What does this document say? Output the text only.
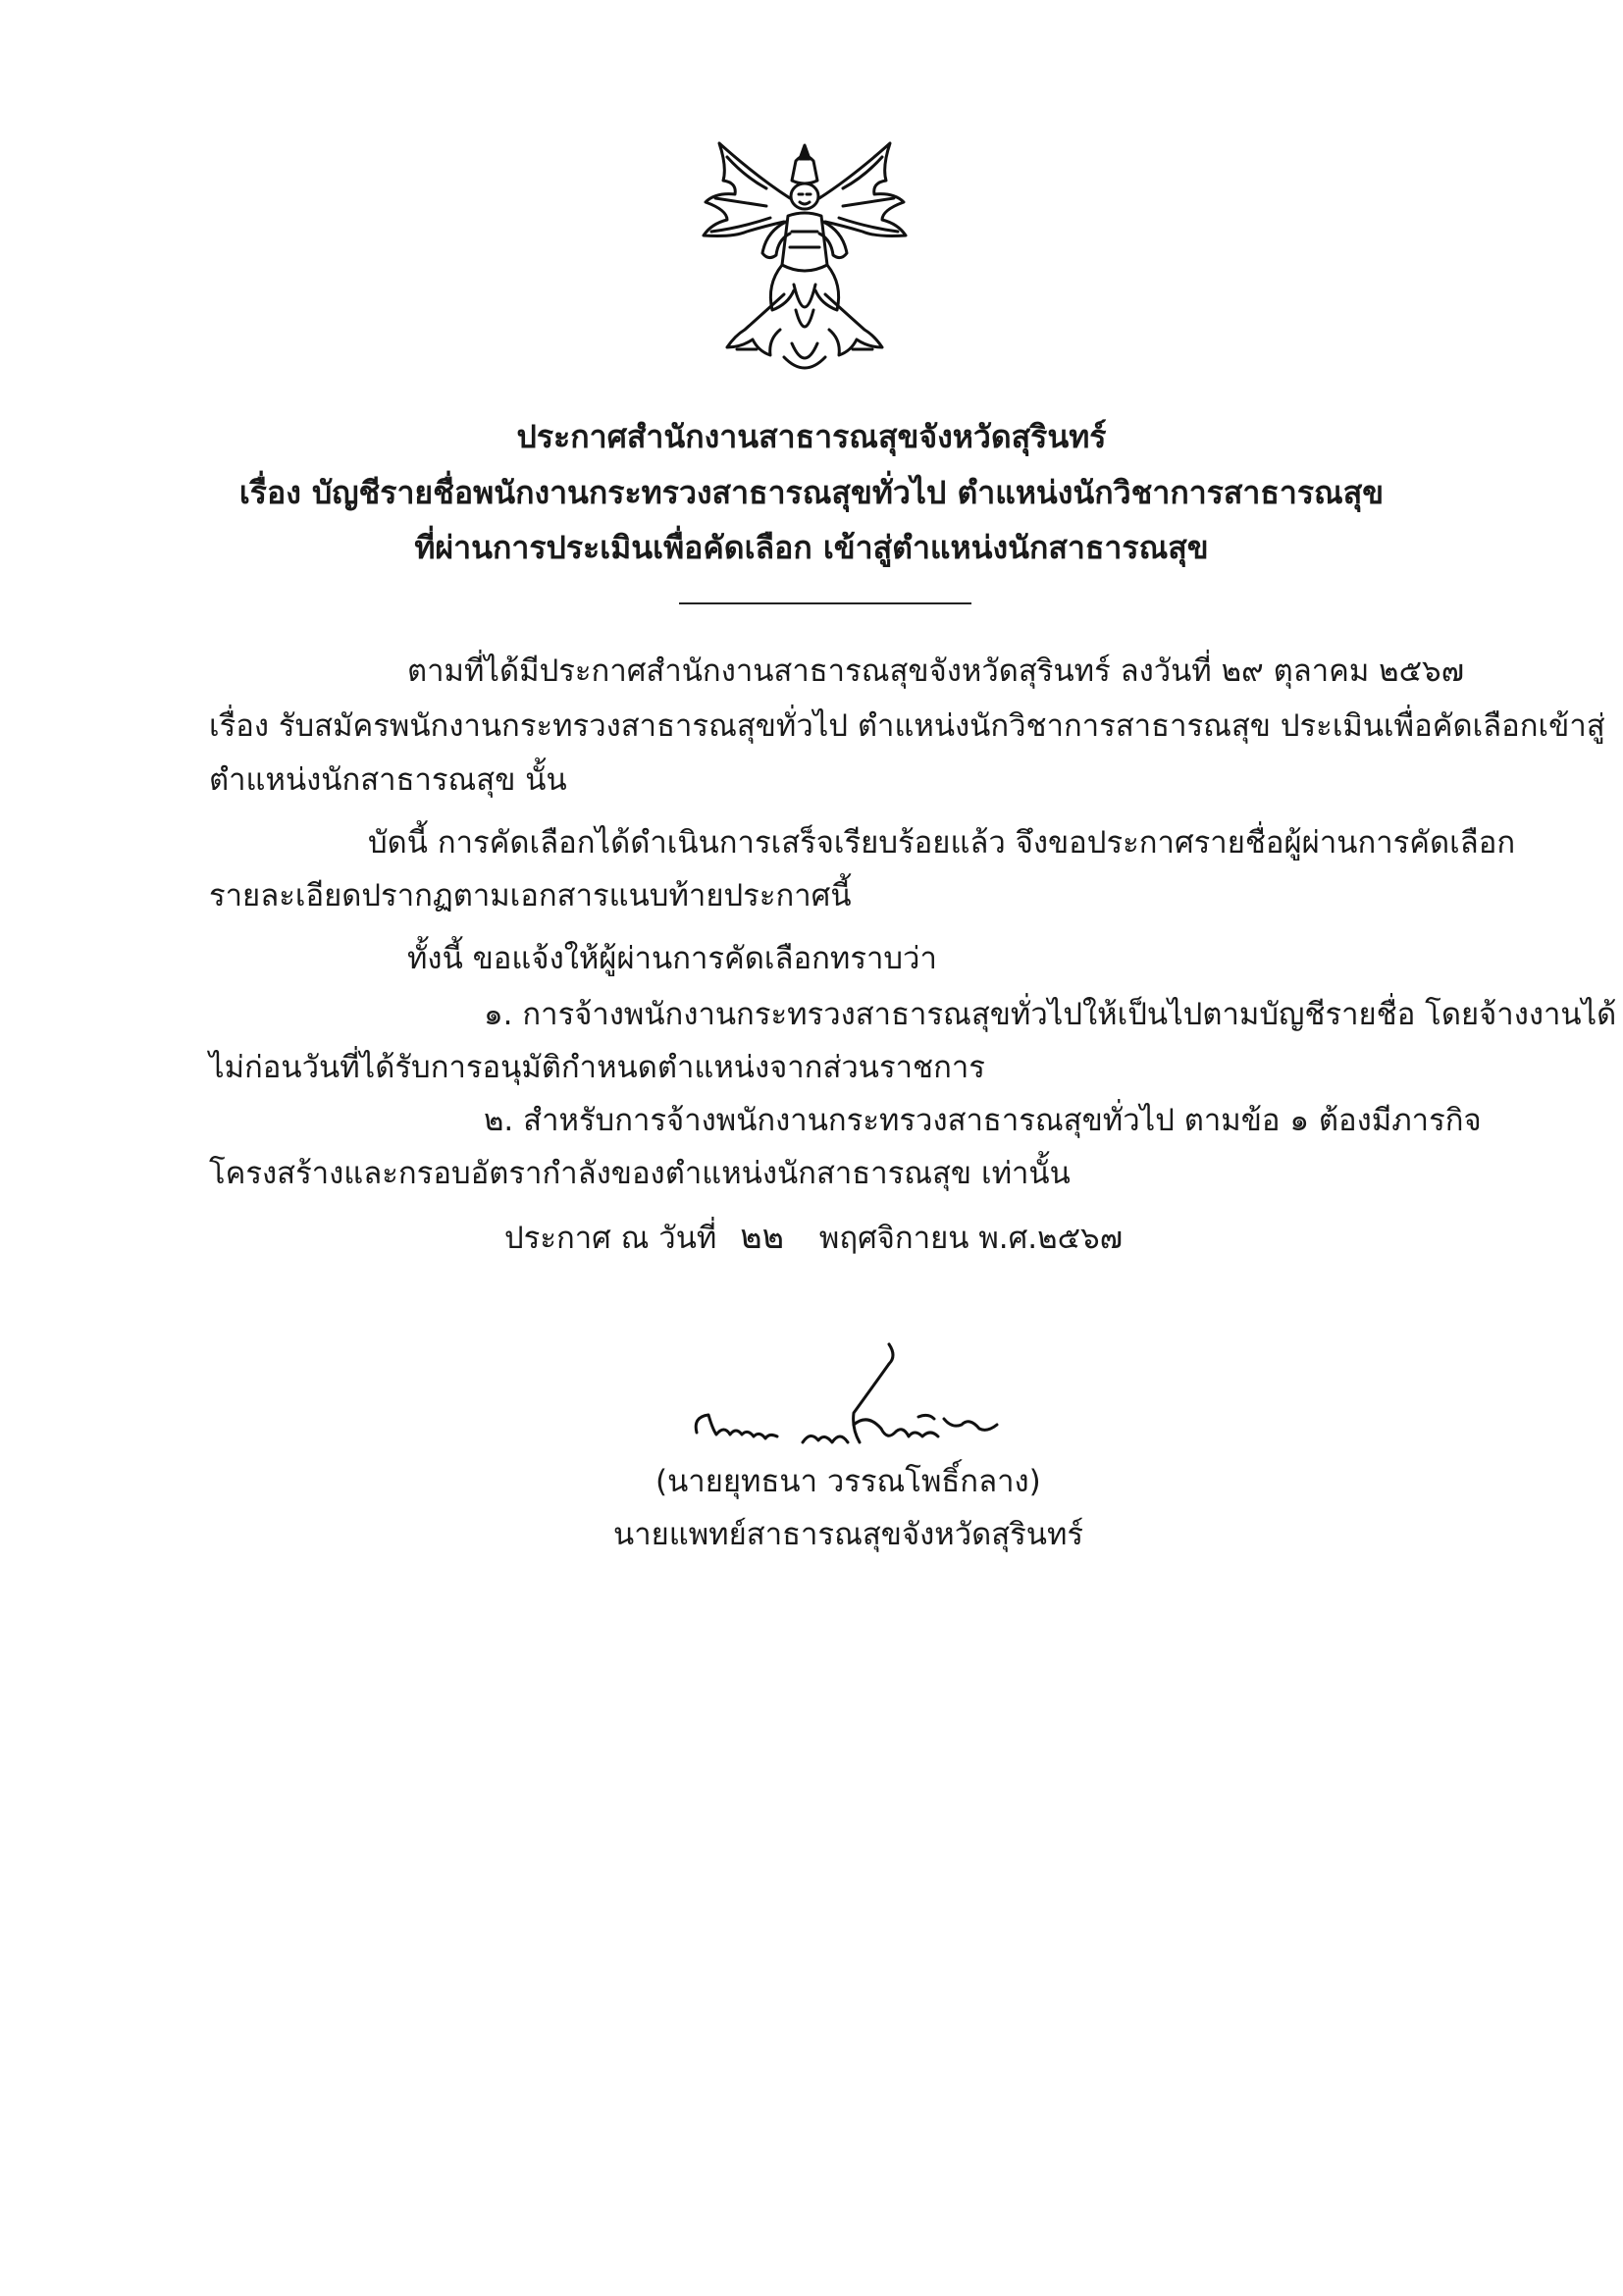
ประกาศสำนักงานสาธารณสุขจังหวัดสุรินทร์
เรื่อง บัญชีรายชื่อพนักงานกระทรวงสาธารณสุขทั่วไป ตำแหน่งนักวิชาการสาธารณสุข
ที่ผ่านการประเมินเพื่อคัดเลือก เข้าสู่ตำแหน่งนักสาธารณสุข
ตามที่ได้มีประกาศสำนักงานสาธารณสุขจังหวัดสุรินทร์ ลงวันที่ ๒๙ ตุลาคม ๒๕๖๗
เรื่อง รับสมัครพนักงานกระทรวงสาธารณสุขทั่วไป ตำแหน่งนักวิชาการสาธารณสุข ประเมินเพื่อคัดเลือกเข้าสู่
ตำแหน่งนักสาธารณสุข นั้น
บัดนี้ การคัดเลือกได้ดำเนินการเสร็จเรียบร้อยแล้ว จึงขอประกาศรายชื่อผู้ผ่านการคัดเลือก
รายละเอียดปรากฏตามเอกสารแนบท้ายประกาศนี้
ทั้งนี้ ขอแจ้งให้ผู้ผ่านการคัดเลือกทราบว่า
๑. การจ้างพนักงานกระทรวงสาธารณสุขทั่วไปให้เป็นไปตามบัญชีรายชื่อ โดยจ้างงานได้
ไม่ก่อนวันที่ได้รับการอนุมัติกำหนดตำแหน่งจากส่วนราชการ
๒. สำหรับการจ้างพนักงานกระทรวงสาธารณสุขทั่วไป ตามข้อ ๑ ต้องมีภารกิจ
โครงสร้างและกรอบอัตรากำลังของตำแหน่งนักสาธารณสุข เท่านั้น
ประกาศ ณ วันที่ ๒๒ พฤศจิกายน พ.ศ.๒๕๖๗
(นายยุทธนา วรรณโพธิ์กลาง)
นายแพทย์สาธารณสุขจังหวัดสุรินทร์
